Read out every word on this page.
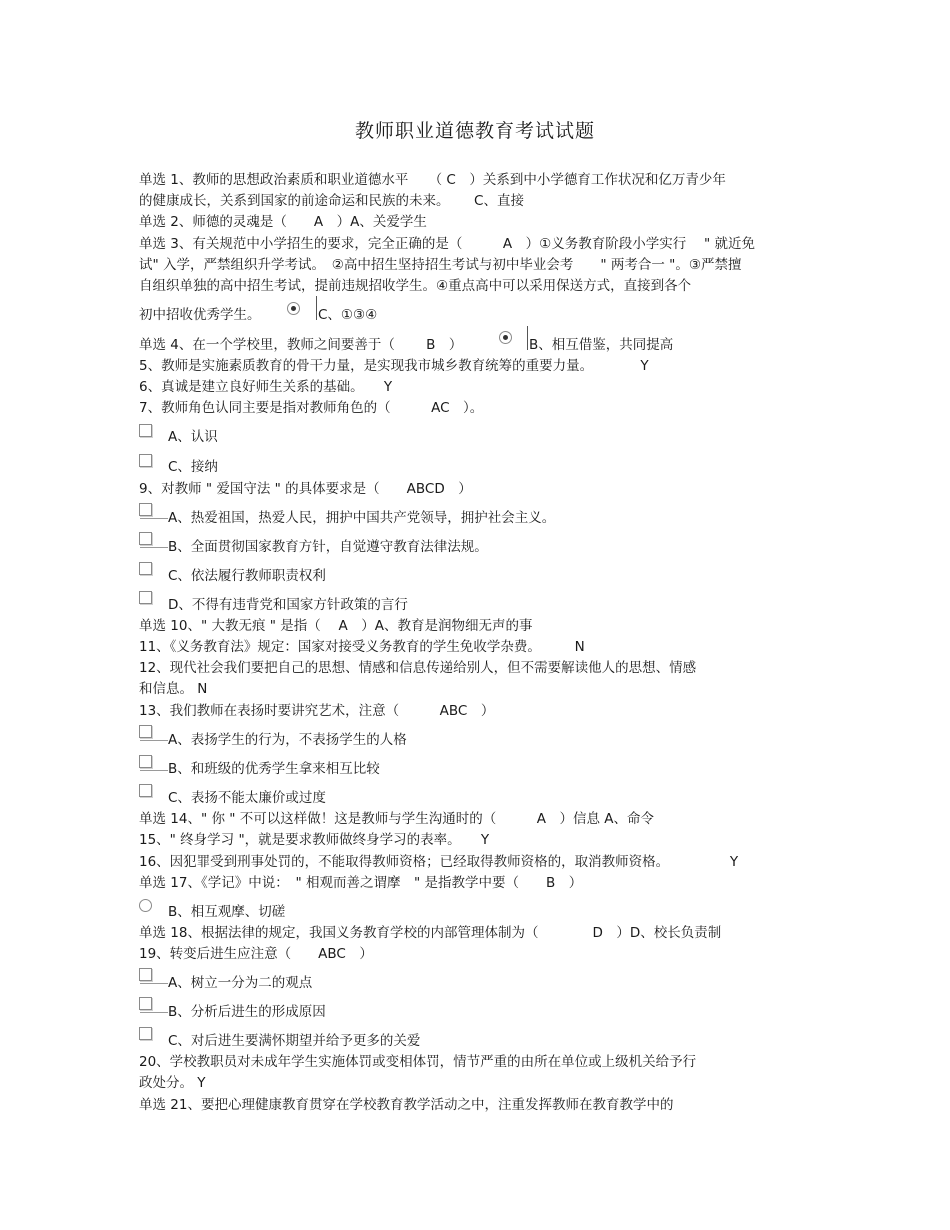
教师职业道德教育考试试题
单选 1、教师的思想政治素质和职业道德水平　　（ C　）关系到中小学德育工作状况和亿万青少年
的健康成长，关系到国家的前途命运和民族的未来。　　 C、直接
单选 2、师德的灵魂是（　　A　）A、关爱学生
单选 3、有关规范中小学招生的要求，完全正确的是（　　　A　）①义务教育阶段小学实行　 " 就近免
试" 入学，严禁组织升学考试。　②高中招生坚持招生考试与初中毕业会考　　" 两考合一 "。③严禁擅
自组织单独的高中招生考试，提前违规招收学生。④重点高中可以采用保送方式，直接到各个
初中招收优秀学生。	C、①③④
单选 4、在一个学校里，教师之间要善于（　　 B　）	B、相互借鉴，共同提高
5、教师是实施素质教育的骨干力量，是实现我市城乡教育统筹的重要力量。　　　　Y
6、真诚是建立良好师生关系的基础。　　Y
7、教师角色认同主要是指对教师角色的（　　　AC　）。
A、认识
C、接纳
9、对教师 " 爱国守法 " 的具体要求是（　　ABCD　）
A、热爱祖国，热爱人民，拥护中国共产党领导，拥护社会主义。
B、全面贯彻国家教育方针，自觉遵守教育法律法规。
C、依法履行教师职责权利
D、不得有违背党和国家方针政策的言行
单选 10、" 大教无痕 " 是指（　 A　）A、教育是润物细无声的事
11、《义务教育法》规定：国家对接受义务教育的学生免收学杂费。　　　N
12、现代社会我们要把自己的思想、情感和信息传递给别人，但不需要解读他人的思想、情感
和信息。 N
13、我们教师在表扬时要讲究艺术，注意（　　　ABC　）
A、表扬学生的行为，不表扬学生的人格
B、和班级的优秀学生拿来相互比较
C、表扬不能太廉价或过度
单选 14、" 你 " 不可以这样做！这是教师与学生沟通时的（　　　A　）信息 A、命令
15、" 终身学习 "，就是要求教师做终身学习的表率。　　Y
16、因犯罪受到刑事处罚的，不能取得教师资格；已经取得教师资格的，取消教师资格。　　　　　Y
单选 17、《学记》中说：　" 相观而善之谓摩　" 是指教学中要（　　B　）
B、相互观摩、切磋
单选 18、根据法律的规定，我国义务教育学校的内部管理体制为（　　　　D　）D、校长负责制
19、转变后进生应注意（　　ABC　）
A、树立一分为二的观点
B、分析后进生的形成原因
C、对后进生要满怀期望并给予更多的关爱
20、学校教职员对未成年学生实施体罚或变相体罚，情节严重的由所在单位或上级机关给予行
政处分。 Y
单选 21、要把心理健康教育贯穿在学校教育教学活动之中，注重发挥教师在教育教学中的
